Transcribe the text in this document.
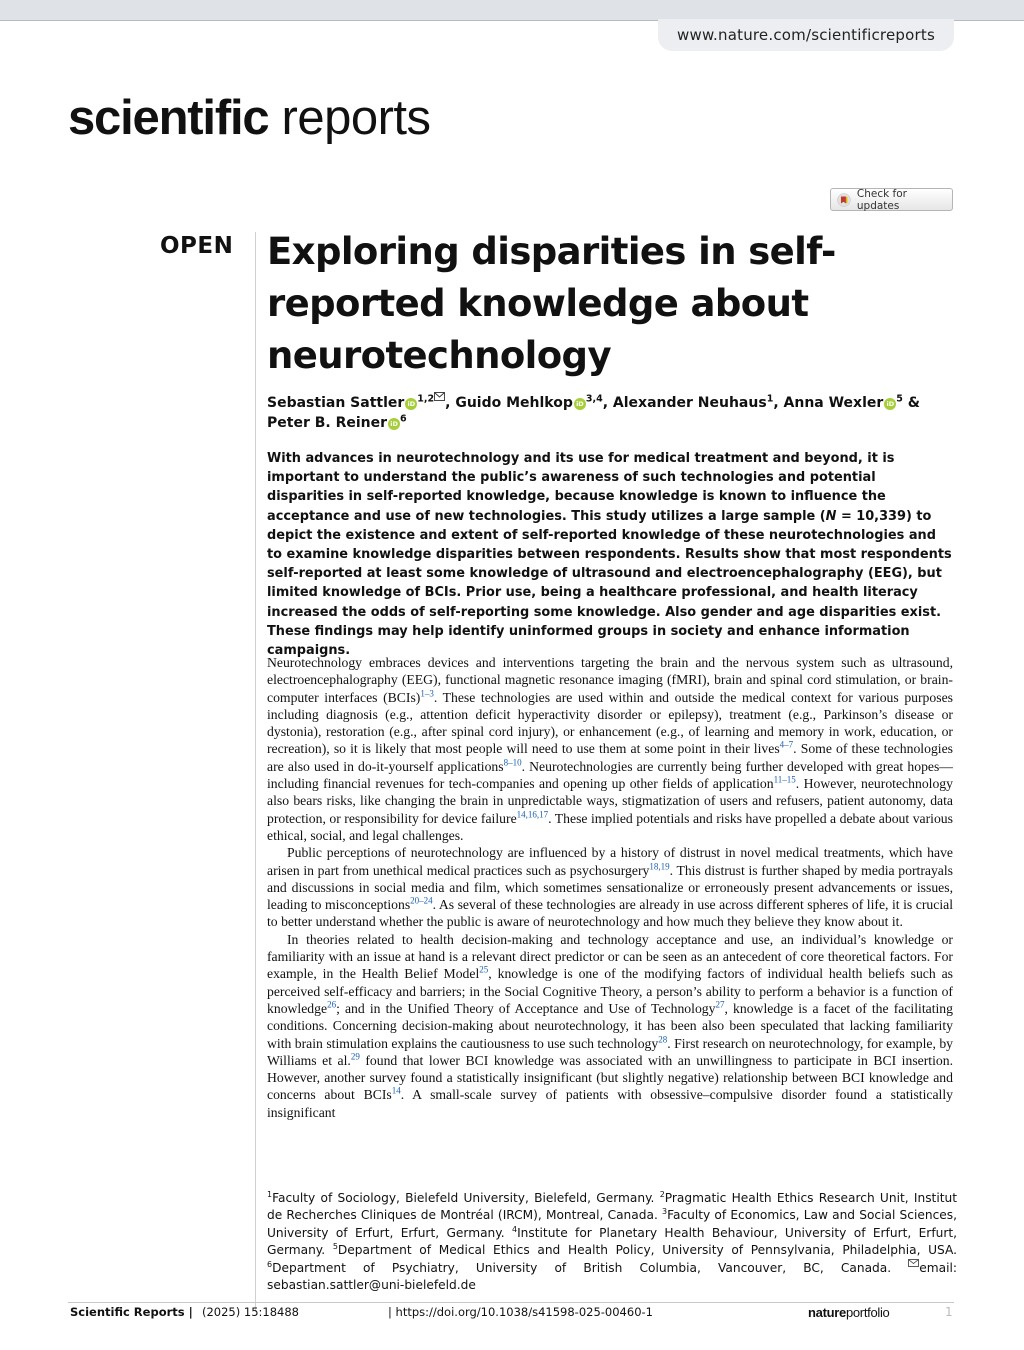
www.nature.com/scientificreports
scientific reports
Check for updates
OPEN Exploring disparities in self-reported knowledge about neurotechnology
Sebastian Sattler iD $^{1,2}$ , Guido Mehlkop iD $^{3,4}$, Alexander Neuhaus$^1$, Anna Wexler iD $^5$ &
Peter B. Reiner iD $^6$

With advances in neurotechnology and its use for medical treatment and beyond, it is important to understand the public’s awareness of such technologies and potential disparities in self-reported knowledge, because knowledge is known to influence the acceptance and use of new technologies. This study utilizes a large sample (N = 10,339) to depict the existence and extent of self-reported knowledge of these neurotechnologies and to examine knowledge disparities between respondents. Results show that most respondents self-reported at least some knowledge of ultrasound and electroencephalography (EEG), but limited knowledge of BCIs. Prior use, being a healthcare professional, and health literacy increased the odds of self-reporting some knowledge. Also gender and age disparities exist. These findings may help identify uninformed groups in society and enhance information campaigns.

Neurotechnology embraces devices and interventions targeting the brain and the nervous system such as ultrasound, electroencephalography (EEG), functional magnetic resonance imaging (fMRI), brain and spinal cord stimulation, or brain-computer interfaces (BCIs)$^{1-3}$. These technologies are used within and outside the medical context for various purposes including diagnosis (e.g., attention deficit hyperactivity disorder or epilepsy), treatment (e.g., Parkinson’s disease or dystonia), restoration (e.g., after spinal cord injury), or enhancement (e.g., of learning and memory in work, education, or recreation), so it is likely that most people will need to use them at some point in their lives$^{4-7}$. Some of these technologies are also used in do-it-yourself applications$^{8-10}$. Neurotechnologies are currently being further developed with great hopes—including financial revenues for tech-companies and opening up other fields of application$^{11-15}$. However, neurotechnology also bears risks, like changing the brain in unpredictable ways, stigmatization of users and refusers, patient autonomy, data protection, or responsibility for device failure$^{14,16,17}$. These implied potentials and risks have propelled a debate about various ethical, social, and legal challenges.

Public perceptions of neurotechnology are influenced by a history of distrust in novel medical treatments, which have arisen in part from unethical medical practices such as psychosurgery$^{18,19}$. This distrust is further shaped by media portrayals and discussions in social media and film, which sometimes sensationalize or erroneously present advancements or issues, leading to misconceptions$^{20-24}$. As several of these technologies are already in use across different spheres of life, it is crucial to better understand whether the public is aware of neurotechnology and how much they believe they know about it.

In theories related to health decision-making and technology acceptance and use, an individual’s knowledge or familiarity with an issue at hand is a relevant direct predictor or can be seen as an antecedent of core theoretical factors. For example, in the Health Belief Model$^{25}$, knowledge is one of the modifying factors of individual health beliefs such as perceived self-efficacy and barriers; in the Social Cognitive Theory, a person’s ability to perform a behavior is a function of knowledge$^{26}$; and in the Unified Theory of Acceptance and Use of Technology$^{27}$, knowledge is a facet of the facilitating conditions. Concerning decision-making about neurotechnology, it has been also been speculated that lacking familiarity with brain stimulation explains the cautiousness to use such technology$^{28}$. First research on neurotechnology, for example, by Williams et al.$^{29}$ found that lower BCI knowledge was associated with an unwillingness to participate in BCI insertion. However, another survey found a statistically insignificant (but slightly negative) relationship between BCI knowledge and concerns about BCIs$^{14}$. A small-scale survey of patients with obsessive–compulsive disorder found a statistically insignificant

$^1$Faculty of Sociology, Bielefeld University, Bielefeld, Germany. $^2$Pragmatic Health Ethics Research Unit, Institut de Recherches Cliniques de Montréal (IRCM), Montreal, Canada. $^3$Faculty of Economics, Law and Social Sciences, University of Erfurt, Erfurt, Germany. $^4$Institute for Planetary Health Behaviour, University of Erfurt, Erfurt, Germany. $^5$Department of Medical Ethics and Health Policy, University of Pennsylvania, Philadelphia, USA. $^6$Department of Psychiatry, University of British Columbia, Vancouver, BC, Canada. email: sebastian.sattler@uni-bielefeld.de
Scientific Reports | (2025) 15:18488	| https://doi.org/10.1038/s41598-025-00460-1	natureportfolio	1
